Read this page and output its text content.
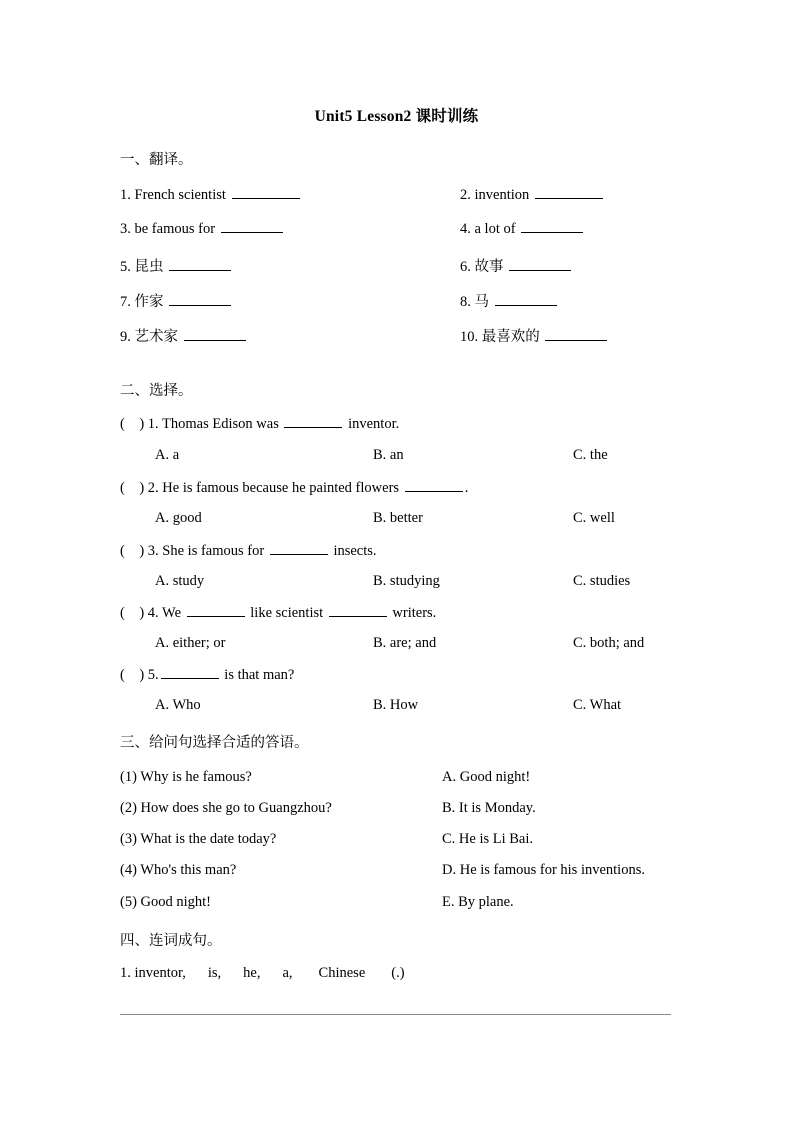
Unit5 Lesson2 课时训练
一、翻译。
1. French scientist	2. invention
3. be famous for	4. a lot of
5. 昆虫	6. 故事
7. 作家	8. 马
9. 艺术家	10. 最喜欢的
二、选择。
(    ) 1. Thomas Edison was	inventor.
A. a	B. an	C. the
(    ) 2. He is famous because he painted flowers	.
A. good	B. better	C. well
(    ) 3. She is famous for	insects.
A. study	B. studying	C. studies
(    ) 4. We	like scientist	writers.
A. either; or	B. are; and	C. both; and
(    ) 5.	is that man?
A. Who	B. How	C. What
三、给问句选择合适的答语。
(1) Why is he famous?	A. Good night!
(2) How does she go to Guangzhou?	B. It is Monday.
(3) What is the date today?	C. He is Li Bai.
(4) Who's this man?	D. He is famous for his inventions.
(5) Good night!	E. By plane.
四、连词成句。
1. inventor, is, he, a, Chinese (.)
